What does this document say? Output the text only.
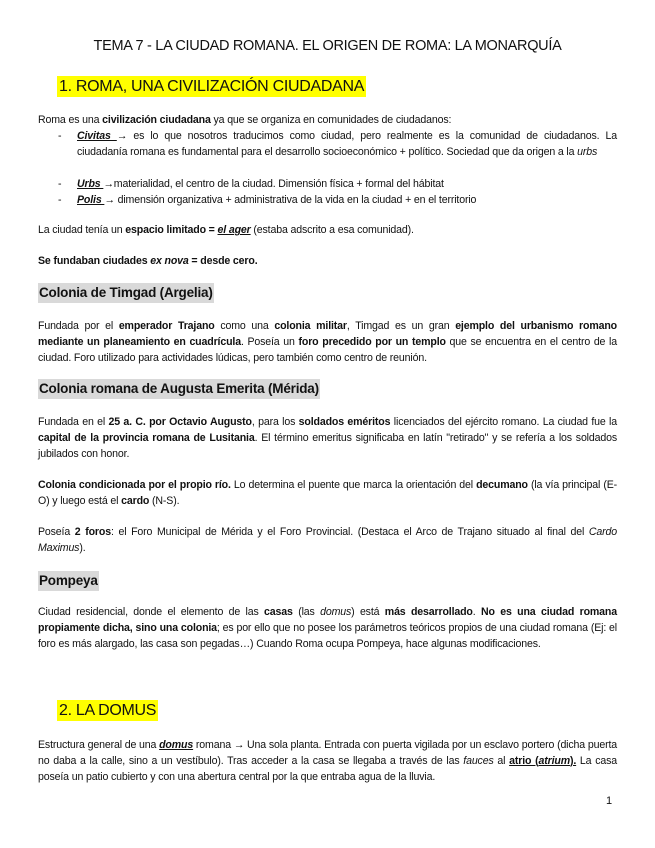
TEMA 7 - LA CIUDAD ROMANA. EL ORIGEN DE ROMA: LA MONARQUÍA
1. ROMA, UNA CIVILIZACIÓN CIUDADANA
Roma es una civilización ciudadana ya que se organiza en comunidades de ciudadanos:
- Civitas → es lo que nosotros traducimos como ciudad, pero realmente es la comunidad de ciudadanos. La ciudadanía romana es fundamental para el desarrollo socioeconómico + político. Sociedad que da origen a la urbs
- Urbs →materialidad, el centro de la ciudad. Dimensión física + formal del hábitat
- Polis → dimensión organizativa + administrativa de la vida en la ciudad + en el territorio
La ciudad tenía un espacio limitado = el ager (estaba adscrito a esa comunidad).
Se fundaban ciudades ex nova = desde cero.
Colonia de Timgad (Argelia)
Fundada por el emperador Trajano como una colonia militar, Timgad es un gran ejemplo del urbanismo romano mediante un planeamiento en cuadrícula. Poseía un foro precedido por un templo que se encuentra en el centro de la ciudad. Foro utilizado para actividades lúdicas, pero también como centro de reunión.
Colonia romana de Augusta Emerita (Mérida)
Fundada en el 25 a. C. por Octavio Augusto, para los soldados eméritos licenciados del ejército romano. La ciudad fue la capital de la provincia romana de Lusitania. El término emeritus significaba en latín "retirado" y se refería a los soldados jubilados con honor.
Colonia condicionada por el propio río. Lo determina el puente que marca la orientación del decumano (la vía principal (E-O) y luego está el cardo (N-S).
Poseía 2 foros: el Foro Municipal de Mérida y el Foro Provincial. (Destaca el Arco de Trajano situado al final del Cardo Maximus).
Pompeya
Ciudad residencial, donde el elemento de las casas (las domus) está más desarrollado. No es una ciudad romana propiamente dicha, sino una colonia; es por ello que no posee los parámetros teóricos propios de una ciudad romana (Ej: el foro es más alargado, las casa son pegadas…) Cuando Roma ocupa Pompeya, hace algunas modificaciones.
2. LA DOMUS
Estructura general de una domus romana → Una sola planta. Entrada con puerta vigilada por un esclavo portero (dicha puerta no daba a la calle, sino a un vestíbulo). Tras acceder a la casa se llegaba a través de las fauces al atrio (atrium). La casa poseía un patio cubierto y con una abertura central por la que entraba agua de la lluvia.
1
